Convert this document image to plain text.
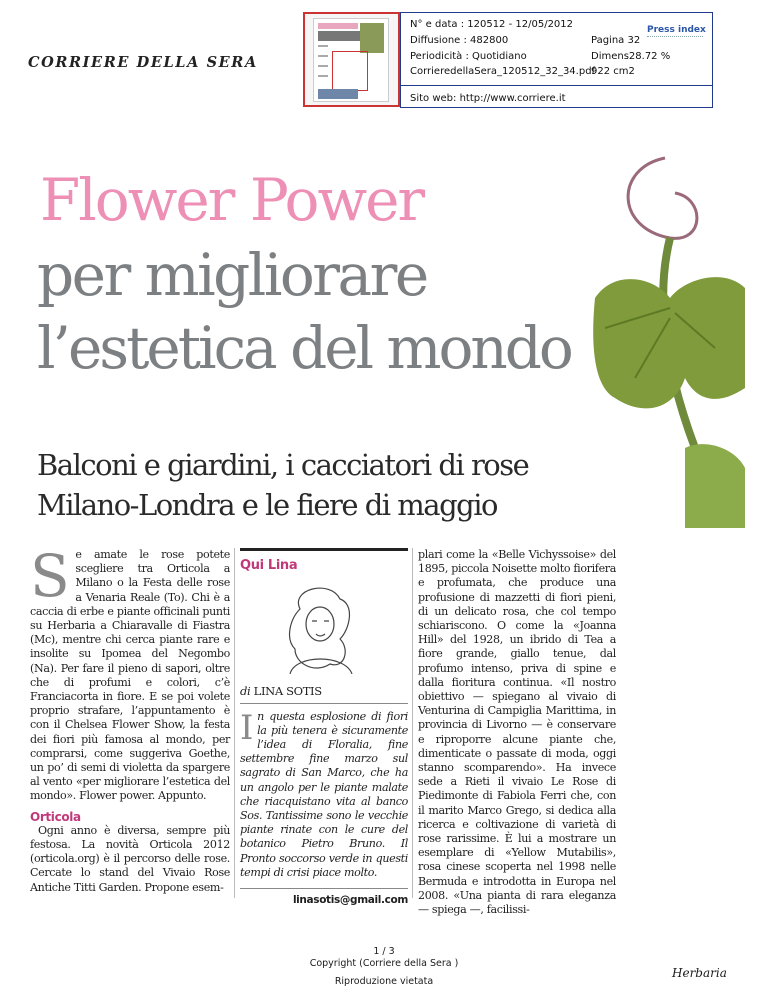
CORRIERE DELLA SERA
N° e data : 120512 - 12/05/2012
Diffusione : 482800
Periodicità : Quotidiano
CorrieredellaSera_120512_32_34.pdf
Pagina 32
Dimens28.72 %
922 cm2
Press index
Sito web: http://www.corriere.it
Flower Power
per migliorare
l’estetica del mondo
Balconi e giardini, i cacciatori di rose
Milano-Londra e le fiere di maggio
S e amate le rose potete scegliere tra Orticola a Milano o la Festa delle rose a Venaria Reale (To). Chi è a caccia di erbe e piante officinali punti su Herbaria a Chiaravalle di Fiastra (Mc), mentre chi cerca piante rare e insolite su Ipomea del Negombo (Na). Per fare il pieno di sapori, oltre che di profumi e colori, c’è Franciacorta in fiore. E se poi volete proprio strafare, l’appuntamento è con il Chelsea Flower Show, la festa dei fiori più famosa al mondo, per comprarsi, come suggeriva Goethe, un po’ di semi di violetta da spargere al vento «per migliorare l’estetica del mondo». Flower power. Appunto.

Orticola

Ogni anno è diversa, sempre più festosa. La novità Orticola 2012 (orticola.org) è il percorso delle rose. Cercate lo stand del Vivaio Rose Antiche Titti Garden. Propone esem-

Qui Lina
di LINA SOTIS
I n questa esplosione di fiori la più tenera è sicuramente l’idea di Floralia, fine settembre fine marzo sul sagrato di San Marco, che ha un angolo per le piante malate che riacquistano vita al banco Sos. Tantissime sono le vecchie piante rinate con le cure del botanico Pietro Bruno. Il Pronto soccorso verde in questi tempi di crisi piace molto.
linasotis@gmail.com

plari come la «Belle Vichyssoise» del 1895, piccola Noisette molto fiorifera e profumata, che produce una profusione di mazzetti di fiori pieni, di un delicato rosa, che col tempo schiariscono. O come la «Joanna Hill» del 1928, un ibrido di Tea a fiore grande, giallo tenue, dal profumo intenso, priva di spine e dalla fioritura continua. «Il nostro obiettivo — spiegano al vivaio di Venturina di Campiglia Marittima, in provincia di Livorno — è conservare e riproporre alcune piante che, dimenticate o passate di moda, oggi stanno scomparendo». Ha invece sede a Rieti il vivaio Le Rose di Piedimonte di Fabiola Ferri che, con il marito Marco Grego, si dedica alla ricerca e coltivazione di varietà di rose rarissime. È lui a mostrare un esemplare di «Yellow Mutabilis», rosa cinese scoperta nel 1998 nelle Bermuda e introdotta in Europa nel 2008. «Una pianta di rara eleganza — spiega —, facilissi-

1 / 3
Copyright (Corriere della Sera )
Riproduzione vietata
Herbaria
